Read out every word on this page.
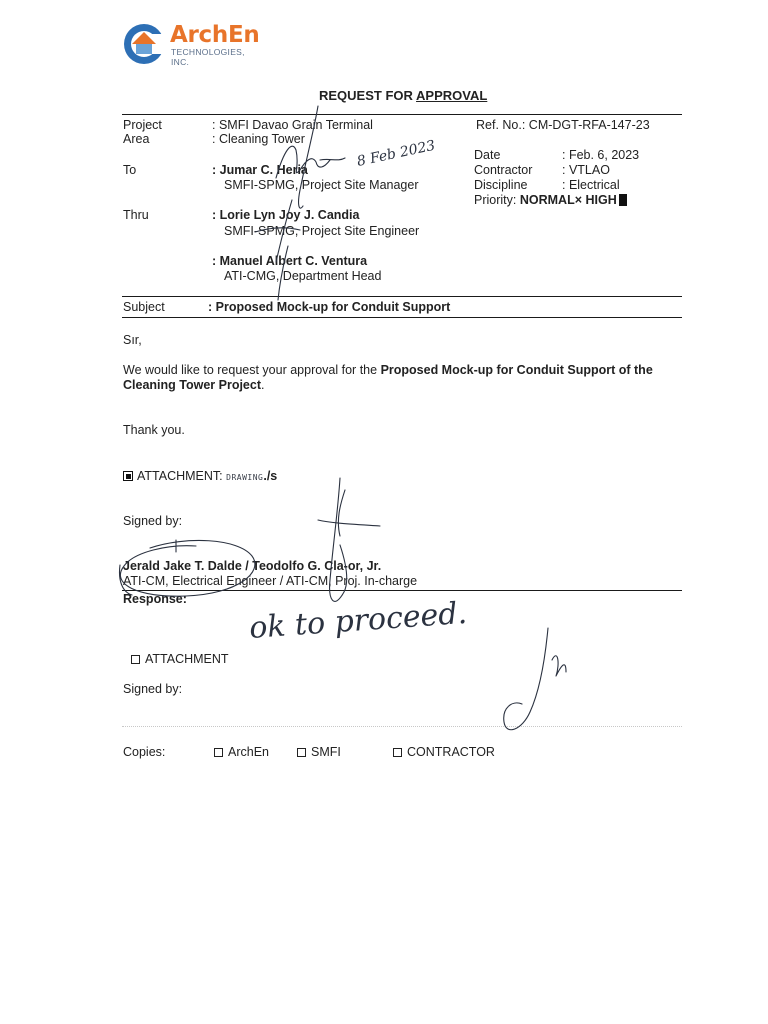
ArchEn
TECHNOLOGIES, INC.
REQUEST FOR APPROVAL
Project	: SMFI Davao Grain Terminal
Area	: Cleaning Tower
To	: Jumar C. Heria
SMFI-SPMG, Project Site Manager
Thru	: Lorie Lyn Joy J. Candia
SMFI-SPMG, Project Site Engineer
: Manuel Albert C. Ventura
ATI-CMG, Department Head
Ref. No.: CM-DGT-RFA-147-23
Date	: Feb. 6, 2023
Contractor : VTLAO
Discipline	: Electrical
Priority: NORMAL× HIGH
Subject	: Proposed Mock-up for Conduit Support
Sır,
We would like to request your approval for the Proposed Mock-up for Conduit Support of the Cleaning Tower Project.
Thank you.
ATTACHMENT: DRAWING./s
Signed by:
Jerald Jake T. Dalde / Teodolfo G. Cla-or, Jr.
ATI-CM, Electrical Engineer / ATI-CM, Proj. In-charge
Response:
ATTACHMENT
Signed by:
Copies:	ArchEn	SMFI	CONTRACTOR
8 Feb 2023
ok to proceed.
